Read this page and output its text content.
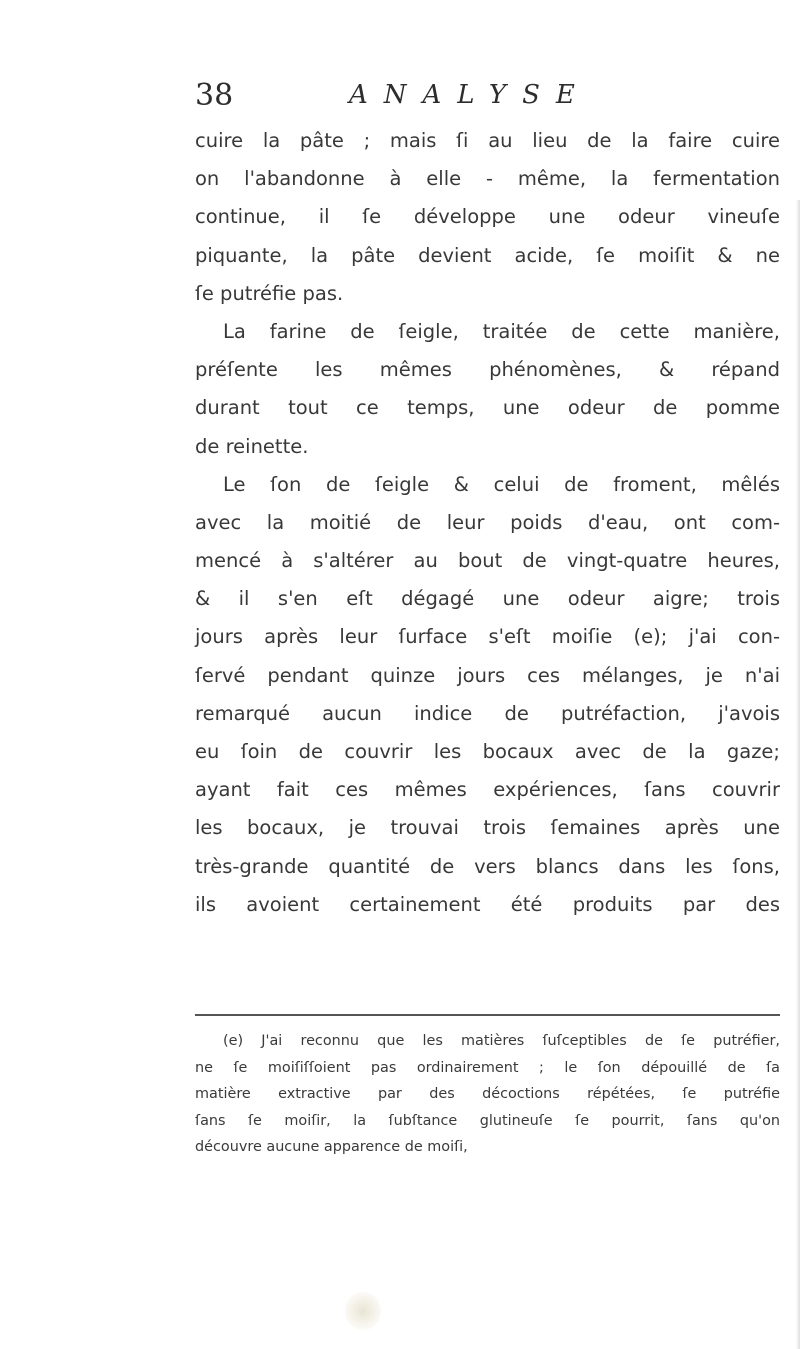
38	ANALYSE
cuire la pâte ; mais ſi au lieu de la faire cuire
on l'abandonne à elle - même, la fermentation
continue, il ſe développe une odeur vineuſe
piquante, la pâte devient acide, ſe moiſit & ne
ſe putréfie pas.
La farine de ſeigle, traitée de cette manière,
préſente les mêmes phénomènes, & répand
durant tout ce temps, une odeur de pomme
de reinette.
Le ſon de ſeigle & celui de froment, mêlés
avec la moitié de leur poids d'eau, ont com-
mencé à s'altérer au bout de vingt-quatre heures,
& il s'en eſt dégagé une odeur aigre; trois
jours après leur ſurface s'eſt moiſie (e); j'ai con-
ſervé pendant quinze jours ces mélanges, je n'ai
remarqué aucun indice de putréfaction, j'avois
eu ſoin de couvrir les bocaux avec de la gaze;
ayant fait ces mêmes expériences, ſans couvrir
les bocaux, je trouvai trois ſemaines après une
très-grande quantité de vers blancs dans les ſons,
ils avoient certainement été produits par des
(e) J'ai reconnu que les matières ſuſceptibles de ſe putréfier,
ne ſe moiſiſſoient pas ordinairement ; le ſon dépouillé de ſa
matière extractive par des décoctions répétées, ſe putréfie
ſans ſe moiſir, la ſubſtance glutineuſe ſe pourrit, ſans qu'on
découvre aucune apparence de moiſi,
